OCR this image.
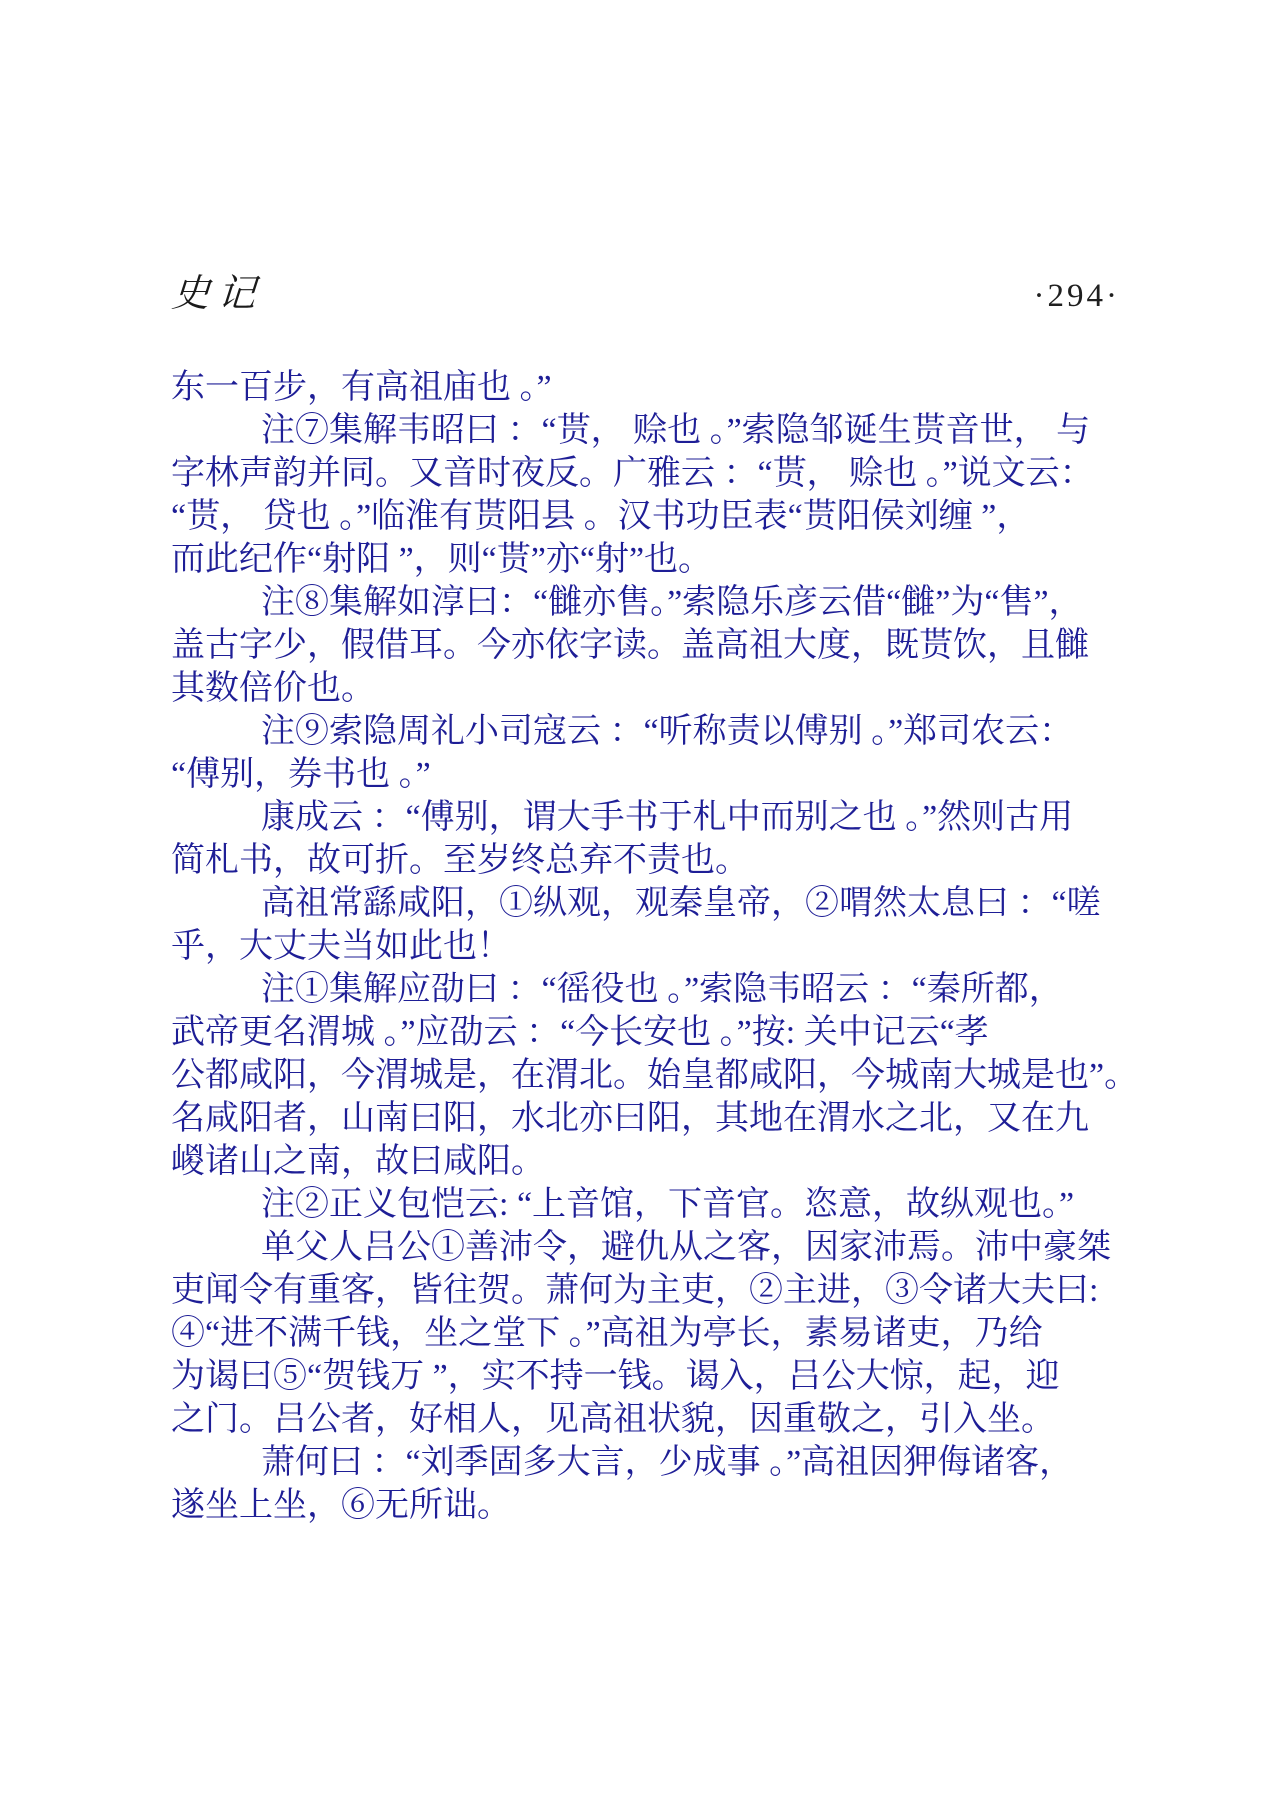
史记	·294·
东一百步，有高祖庙也 。”
注⑦集解韦昭曰 ：“贳， 赊也 。”索隐邹诞生贳音世， 与
字林声韵并同。又音时夜反。广雅云 ：“贳， 赊也 。”说文云：
“贳， 贷也 。”临淮有贳阳县 。汉书功臣表“贳阳侯刘缠 ”，
而此纪作“射阳 ”，则“贳”亦“射”也。
注⑧集解如淳曰：“雠亦售。”索隐乐彦云借“雠”为“售”，
盖古字少，假借耳。今亦依字读。盖高祖大度，既贳饮，且雠
其数倍价也。
注⑨索隐周礼小司寇云 ：“听称责以傅别 。”郑司农云：
“傅别，券书也 。”
康成云 ：“傅别，谓大手书于札中而别之也 。”然则古用
简札书，故可折。至岁终总弃不责也。
高祖常繇咸阳，①纵观，观秦皇帝，②喟然太息曰 ：“嗟
乎，大丈夫当如此也！
注①集解应劭曰 ：“徭役也 。”索隐韦昭云 ：“秦所都，
武帝更名渭城 。”应劭云 ：“今长安也 。”按: 关中记云“孝
公都咸阳，今渭城是，在渭北。始皇都咸阳，今城南大城是也”。
名咸阳者，山南曰阳，水北亦曰阳，其地在渭水之北，又在九
嵕诸山之南，故曰咸阳。
注②正义包恺云: “上音馆，下音官。恣意，故纵观也。”
单父人吕公①善沛令，避仇从之客，因家沛焉。沛中豪桀
吏闻令有重客，皆往贺。萧何为主吏，②主进，③令诸大夫曰:
④“进不满千钱，坐之堂下 。”高祖为亭长，素易诸吏，乃给
为谒曰⑤“贺钱万 ”，实不持一钱。谒入，吕公大惊，起，迎
之门。吕公者，好相人，见高祖状貌，因重敬之，引入坐。
萧何曰 ：“刘季固多大言，少成事 。”高祖因狎侮诸客，
遂坐上坐，⑥无所诎。
